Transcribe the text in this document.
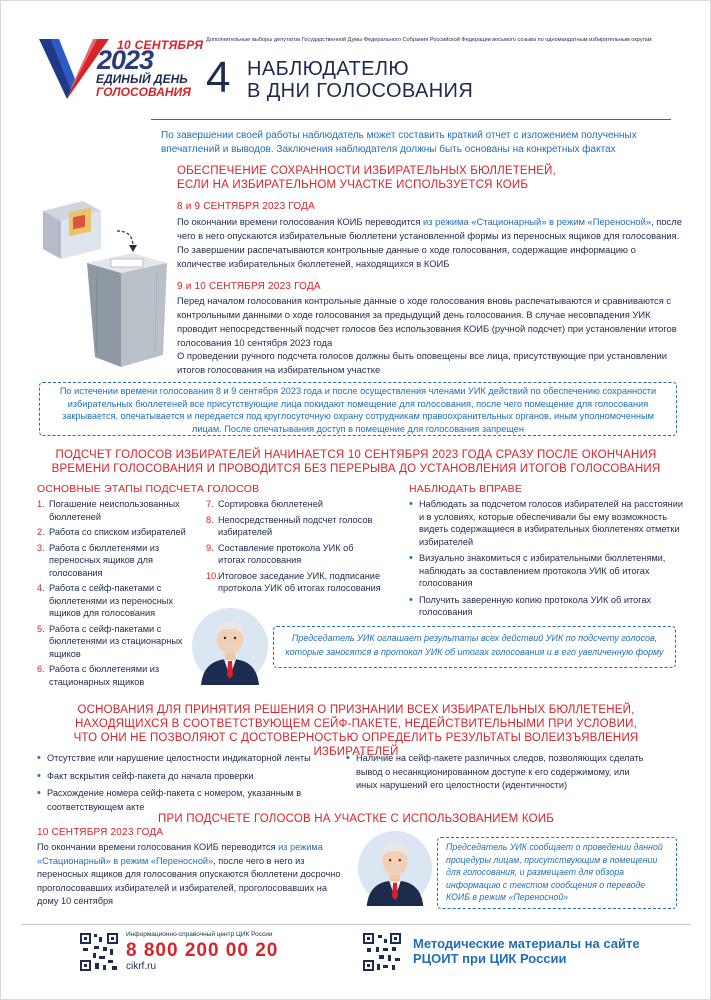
10 СЕНТЯБРЯ
2023
ЕДИНЫЙ ДЕНЬ
ГОЛОСОВАНИЯ
Дополнительные выборы депутатов Государственной Думы Федерального Собрания Российской Федерации восьмого созыва по одномандатным избирательным округам
4 НАБЛЮДАТЕЛЮ
В ДНИ ГОЛОСОВАНИЯ
По завершении своей работы наблюдатель может составить краткий отчет с изложением полученных впечатлений и выводов. Заключения наблюдателя должны быть основаны на конкретных фактах
ОБЕСПЕЧЕНИЕ СОХРАННОСТИ ИЗБИРАТЕЛЬНЫХ БЮЛЛЕТЕНЕЙ,
ЕСЛИ НА ИЗБИРАТЕЛЬНОМ УЧАСТКЕ ИСПОЛЬЗУЕТСЯ КОИБ
8 и 9 СЕНТЯБРЯ 2023 ГОДА
По окончании времени голосования КОИБ переводится из режима «Стационарный» в режим «Переносной», после чего в него опускаются избирательные бюллетени установленной формы из переносных ящиков для голосования. По завершении распечатываются контрольные данные о ходе голосования, содержащие информацию о количестве избирательных бюллетеней, находящихся в КОИБ
9 и 10 СЕНТЯБРЯ 2023 ГОДА
Перед началом голосования контрольные данные о ходе голосования вновь распечатываются и сравниваются с контрольными данными о ходе голосования за предыдущий день голосования. В случае несовпадения УИК проводит непосредственный подсчет голосов без использования КОИБ (ручной подсчет) при установлении итогов голосования 10 сентября 2023 года
О проведении ручного подсчета голосов должны быть оповещены все лица, присутствующие при установлении итогов голосования на избирательном участке
По истечении времени голосования 8 и 9 сентября 2023 года и после осуществления членами УИК действий по обеспечению сохранности избирательных бюллетеней все присутствующие лица покидают помещение для голосования, после чего помещение для голосования закрывается, опечатывается и передается под круглосуточную охрану сотрудникам правоохранительных органов, иным уполномоченным лицам. После опечатывания доступ в помещение для голосования запрещен
ПОДСЧЕТ ГОЛОСОВ ИЗБИРАТЕЛЕЙ НАЧИНАЕТСЯ 10 СЕНТЯБРЯ 2023 ГОДА СРАЗУ ПОСЛЕ ОКОНЧАНИЯ
ВРЕМЕНИ ГОЛОСОВАНИЯ И ПРОВОДИТСЯ БЕЗ ПЕРЕРЫВА ДО УСТАНОВЛЕНИЯ ИТОГОВ ГОЛОСОВАНИЯ
ОСНОВНЫЕ ЭТАПЫ ПОДСЧЕТА ГОЛОСОВ
1. Погашение неиспользованных бюллетеней
2. Работа со списком избирателей
3. Работа с бюллетенями из переносных ящиков для голосования
4. Работа с сейф-пакетами с бюллетенями из переносных ящиков для голосования
5. Работа с сейф-пакетами с бюллетенями из стационарных ящиков
6. Работа с бюллетенями из стационарных ящиков
7. Сортировка бюллетеней
8. Непосредственный подсчет голосов избирателей
9. Составление протокола УИК об итогах голосования
10. Итоговое заседание УИК, подписание протокола УИК об итогах голосования
НАБЛЮДАТЬ ВПРАВЕ
• Наблюдать за подсчетом голосов избирателей на расстоянии и в условиях, которые обеспечивали бы ему возможность видеть содержащиеся в избирательных бюллетенях отметки избирателей
• Визуально знакомиться с избирательными бюллетенями, наблюдать за составлением протокола УИК об итогах голосования
• Получить заверенную копию протокола УИК об итогах голосования
Председатель УИК оглашает результаты всех действий УИК по подсчету голосов, которые заносятся в протокол УИК об итогах голосования и в его увеличенную форму
ОСНОВАНИЯ ДЛЯ ПРИНЯТИЯ РЕШЕНИЯ О ПРИЗНАНИИ ВСЕХ ИЗБИРАТЕЛЬНЫХ БЮЛЛЕТЕНЕЙ,
НАХОДЯЩИХСЯ В СООТВЕТСТВУЮЩЕМ СЕЙФ-ПАКЕТЕ, НЕДЕЙСТВИТЕЛЬНЫМИ ПРИ УСЛОВИИ,
ЧТО ОНИ НЕ ПОЗВОЛЯЮТ С ДОСТОВЕРНОСТЬЮ ОПРЕДЕЛИТЬ РЕЗУЛЬТАТЫ ВОЛЕИЗЪЯВЛЕНИЯ ИЗБИРАТЕЛЕЙ
• Отсутствие или нарушение целостности индикаторной ленты
• Факт вскрытия сейф-пакета до начала проверки
• Расхождение номера сейф-пакета с номером, указанным в соответствующем акте
• Наличие на сейф-пакете различных следов, позволяющих сделать вывод о несанкционированном доступе к его содержимому, или иных нарушений его целостности (идентичности)
ПРИ ПОДСЧЕТЕ ГОЛОСОВ НА УЧАСТКЕ С ИСПОЛЬЗОВАНИЕМ КОИБ
10 СЕНТЯБРЯ 2023 ГОДА
По окончании времени голосования КОИБ переводится из режима «Стационарный» в режим «Переносной», после чего в него из переносных ящиков для голосования опускаются бюллетени досрочно проголосовавших избирателей и избирателей, проголосовавших на дому 10 сентября
Председатель УИК сообщает о проведении данной процедуры лицам, присутствующим в помещении для голосования, и размещает для обзора информацию с текстом сообщения о переводе КОИБ в режим «Переносной»
Информационно-справочный центр ЦИК России
8 800 200 00 20
cikrf.ru
Методические материалы на сайте
РЦОИТ при ЦИК России
